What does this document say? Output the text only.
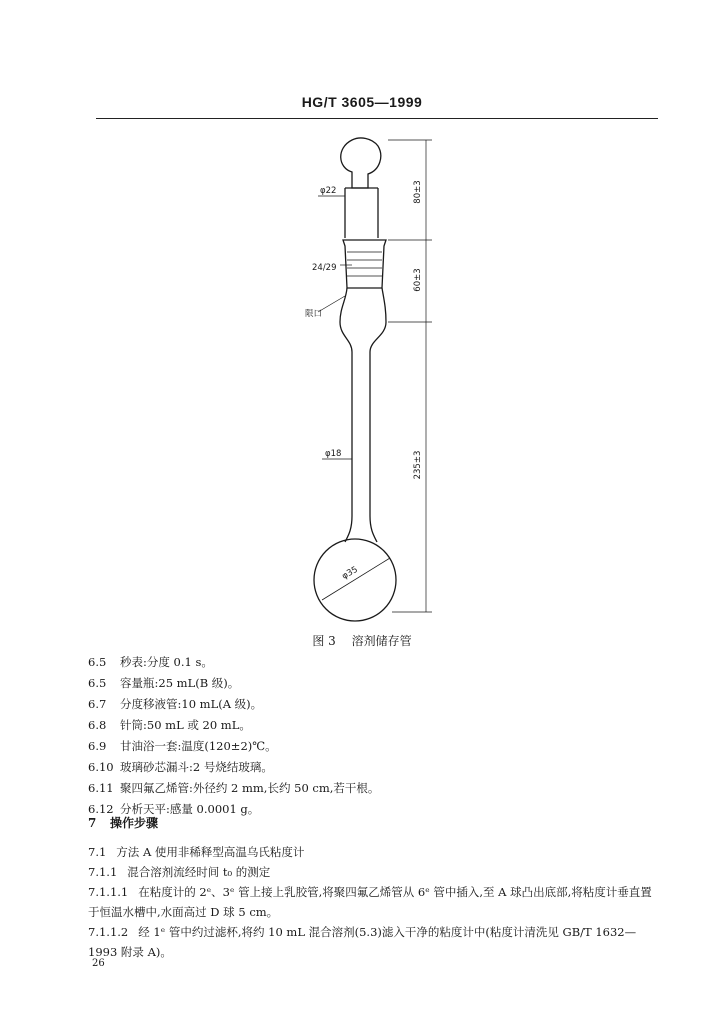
HG/T 3605—1999
φ22
24/29
限口
φ18
φ35
80±3
60±3
235±3
图 3 溶剂储存管
6.5 秒表:分度 0.1 s。
6.5 容量瓶:25 mL(B 级)。
6.7 分度移液管:10 mL(A 级)。
6.8 针筒:50 mL 或 20 mL。
6.9 甘油浴一套:温度(120±2)℃。
6.10 玻璃砂芯漏斗:2 号烧结玻璃。
6.11 聚四氟乙烯管:外径约 2 mm,长约 50 cm,若干根。
6.12 分析天平:感量 0.0001 g。
7 操作步骤
7.1 方法 A 使用非稀释型高温乌氏粘度计
7.1.1 混合溶剂流经时间 t₀ 的测定
7.1.1.1 在粘度计的 2ᵉ、3ᵉ 管上接上乳胶管,将聚四氟乙烯管从 6ᵉ 管中插入,至 A 球凸出底部,将粘度计垂直置于恒温水槽中,水面高过 D 球 5 cm。
7.1.1.2 经 1ᵉ 管中约过滤杯,将约 10 mL 混合溶剂(5.3)滤入干净的粘度计中(粘度计清洗见 GB/T 1632—1993 附录 A)。
26
